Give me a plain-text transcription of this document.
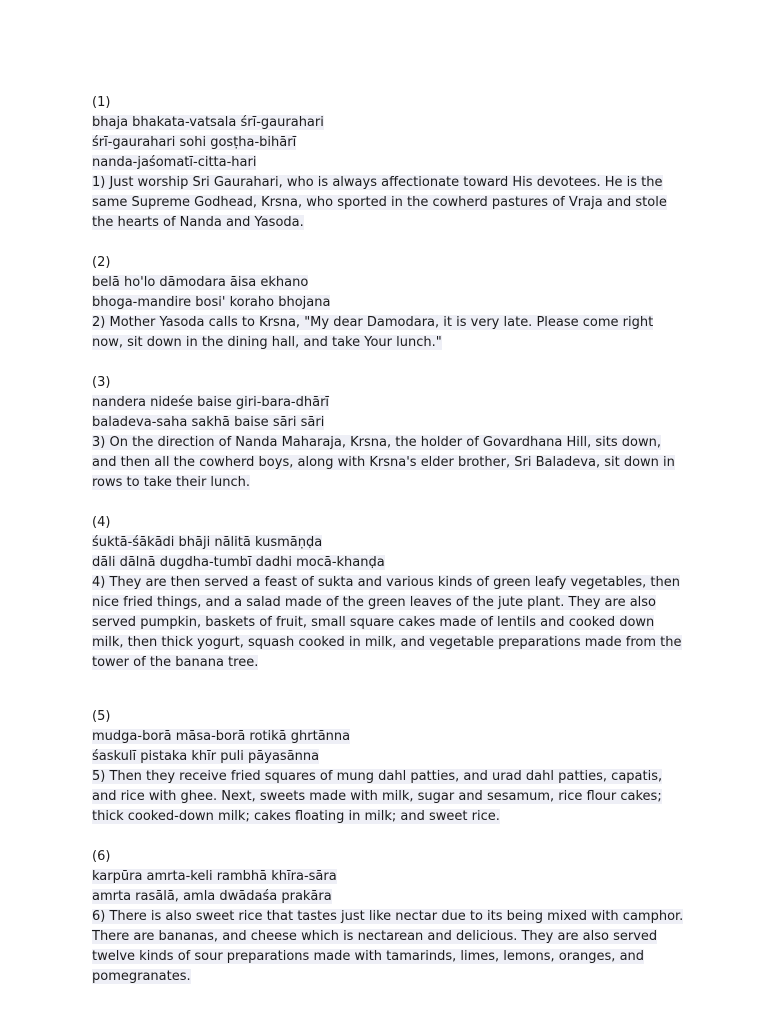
(1)
bhaja bhakata-vatsala śrī-gaurahari
śrī-gaurahari sohi gosṭha-bihārī
nanda-jaśomatī-citta-hari
1) Just worship Sri Gaurahari, who is always affectionate toward His devotees. He is the same Supreme Godhead, Krsna, who sported in the cowherd pastures of Vraja and stole the hearts of Nanda and Yasoda.
(2)
belā ho'lo dāmodara āisa ekhano
bhoga-mandire bosi' koraho bhojana
2) Mother Yasoda calls to Krsna, "My dear Damodara, it is very late. Please come right now, sit down in the dining hall, and take Your lunch."
(3)
nandera nideśe baise giri-bara-dhārī
baladeva-saha sakhā baise sāri sāri
3) On the direction of Nanda Maharaja, Krsna, the holder of Govardhana Hill, sits down, and then all the cowherd boys, along with Krsna's elder brother, Sri Baladeva, sit down in rows to take their lunch.
(4)
śuktā-śākādi bhāji nālitā kusmāṇḍa
dāli dālnā dugdha-tumbī dadhi mocā-khanḍa
4) They are then served a feast of sukta and various kinds of green leafy vegetables, then nice fried things, and a salad made of the green leaves of the jute plant. They are also served pumpkin, baskets of fruit, small square cakes made of lentils and cooked down milk, then thick yogurt, squash cooked in milk, and vegetable preparations made from the tower of the banana tree.
(5)
mudga-borā māsa-borā rotikā ghrtānna
śaskulī pistaka khīr puli pāyasānna
5) Then they receive fried squares of mung dahl patties, and urad dahl patties, capatis, and rice with ghee. Next, sweets made with milk, sugar and sesamum, rice flour cakes; thick cooked-down milk; cakes floating in milk; and sweet rice.
(6)
karpūra amrta-keli rambhā khīra-sāra
amrta rasālā, amla dwādaśa prakāra
6) There is also sweet rice that tastes just like nectar due to its being mixed with camphor. There are bananas, and cheese which is nectarean and delicious. They are also served twelve kinds of sour preparations made with tamarinds, limes, lemons, oranges, and pomegranates.
